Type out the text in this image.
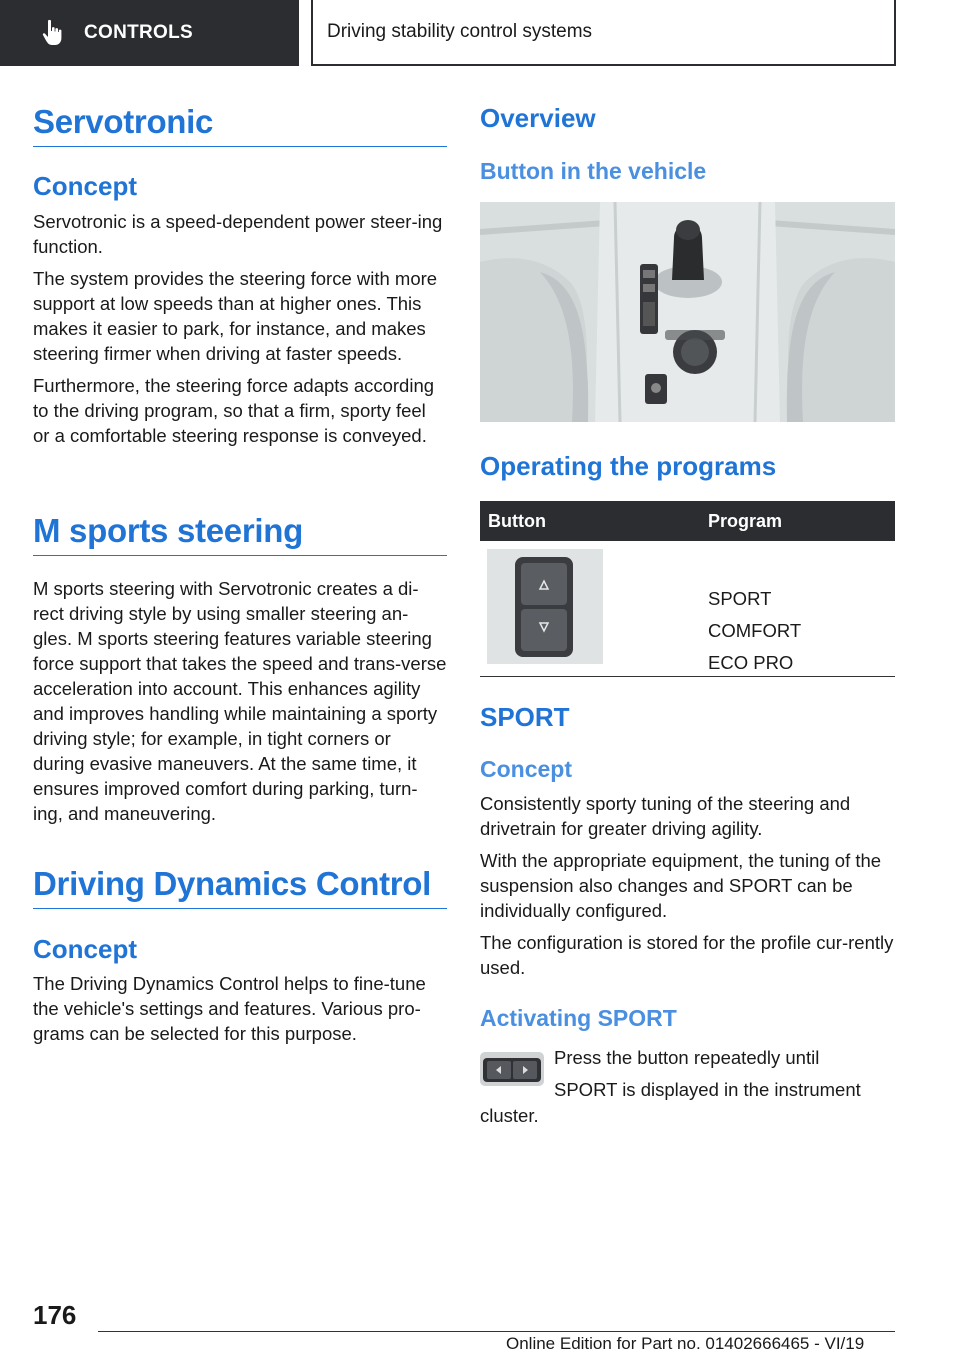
CONTROLS	Driving stability control systems
Servotronic
Concept

Servotronic is a speed-dependent power steer‐ing function.

The system provides the steering force with more support at low speeds than at higher ones. This makes it easier to park, for instance, and makes steering firmer when driving at faster speeds.

Furthermore, the steering force adapts according to the driving program, so that a firm, sporty feel or a comfortable steering response is conveyed.

M sports steering

M sports steering with Servotronic creates a di‐rect driving style by using smaller steering an‐gles. M sports steering features variable steering force support that takes the speed and trans‐verse acceleration into account. This enhances agility and improves handling while maintaining a sporty driving style; for example, in tight corners or during evasive maneuvers. At the same time, it ensures improved comfort during parking, turn‐ing, and maneuvering.

Driving Dynamics Control
Concept

The Driving Dynamics Control helps to fine-tune the vehicle's settings and features. Various pro‐grams can be selected for this purpose.

Overview
Button in the vehicle
Operating the programs
Button	Program
SPORT
COMFORT
ECO PRO
SPORT
Concept

Consistently sporty tuning of the steering and drivetrain for greater driving agility.

With the appropriate equipment, the tuning of the suspension also changes and SPORT can be individually configured.

The configuration is stored for the profile cur‐rently used.

Activating SPORT
Press the button repeatedly until
SPORT is displayed in the instrument
cluster.
176
Online Edition for Part no. 01402666465 - VI/19
